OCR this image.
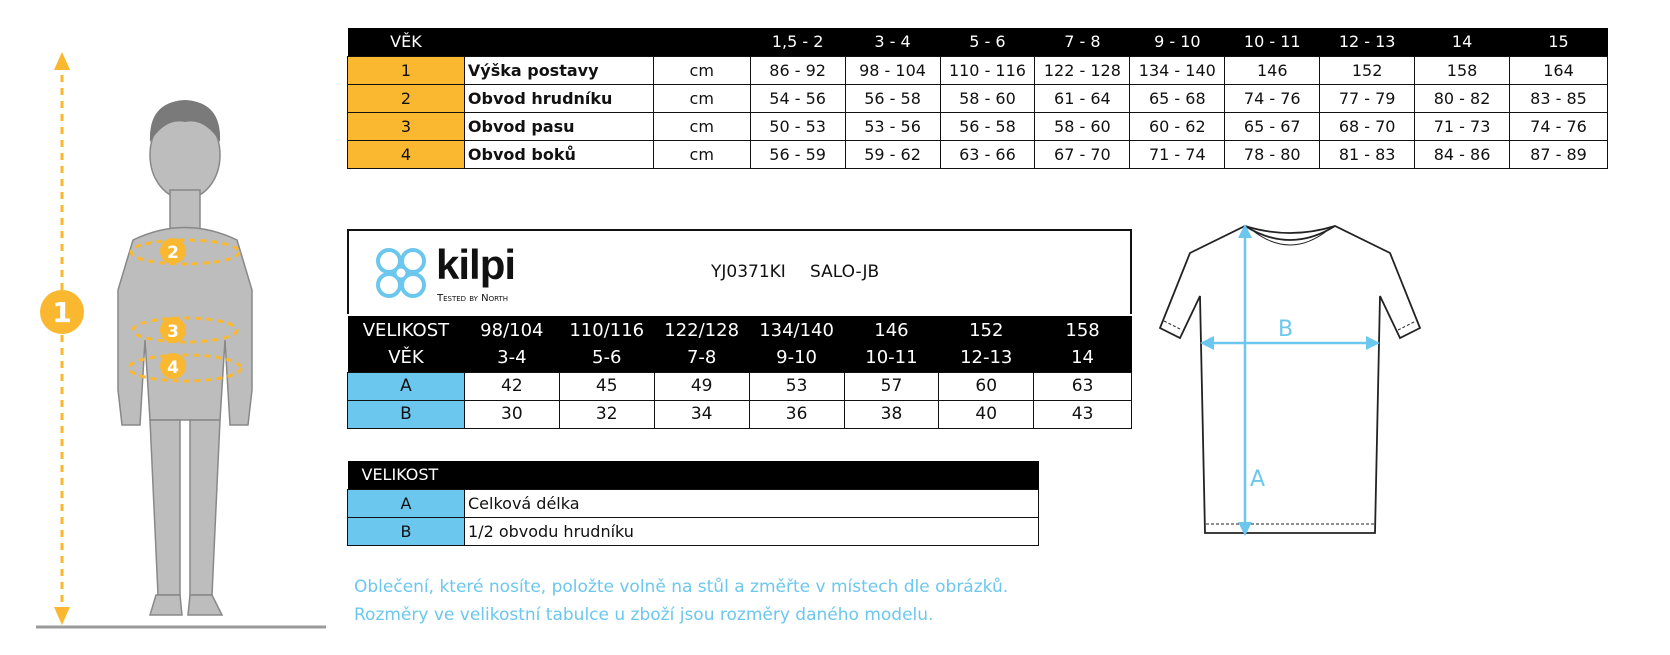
1
2
3
4
VĚK			1,5 - 2	3 - 4	5 - 6	7 - 8	9 - 10	10 - 11	12 - 13	14	15
1	Výška postavy	cm	86 - 92	98 - 104	110 - 116	122 - 128	134 - 140	146	152	158	164
2	Obvod hrudníku	cm	54 - 56	56 - 58	58 - 60	61 - 64	65 - 68	74 - 76	77 - 79	80 - 82	83 - 85
3	Obvod pasu	cm	50 - 53	53 - 56	56 - 58	58 - 60	60 - 62	65 - 67	68 - 70	71 - 73	74 - 76
4	Obvod boků	cm	56 - 59	59 - 62	63 - 66	67 - 70	71 - 74	78 - 80	81 - 83	84 - 86	87 - 89
kilpi
Tested by North
YJ0371KI SALO-JB
VELIKOST	98/104	110/116	122/128	134/140	146	152	158
VĚK	3-4	5-6	7-8	9-10	10-11	12-13	14
A	42	45	49	53	57	60	63
B	30	32	34	36	38	40	43
VELIKOST	
A	Celková délka
B	1/2 obvodu hrudníku
B
A
Oblečení, které nosíte, položte volně na stůl a změřte v místech dle obrázků.
Rozměry ve velikostní tabulce u zboží jsou rozměry daného modelu.
